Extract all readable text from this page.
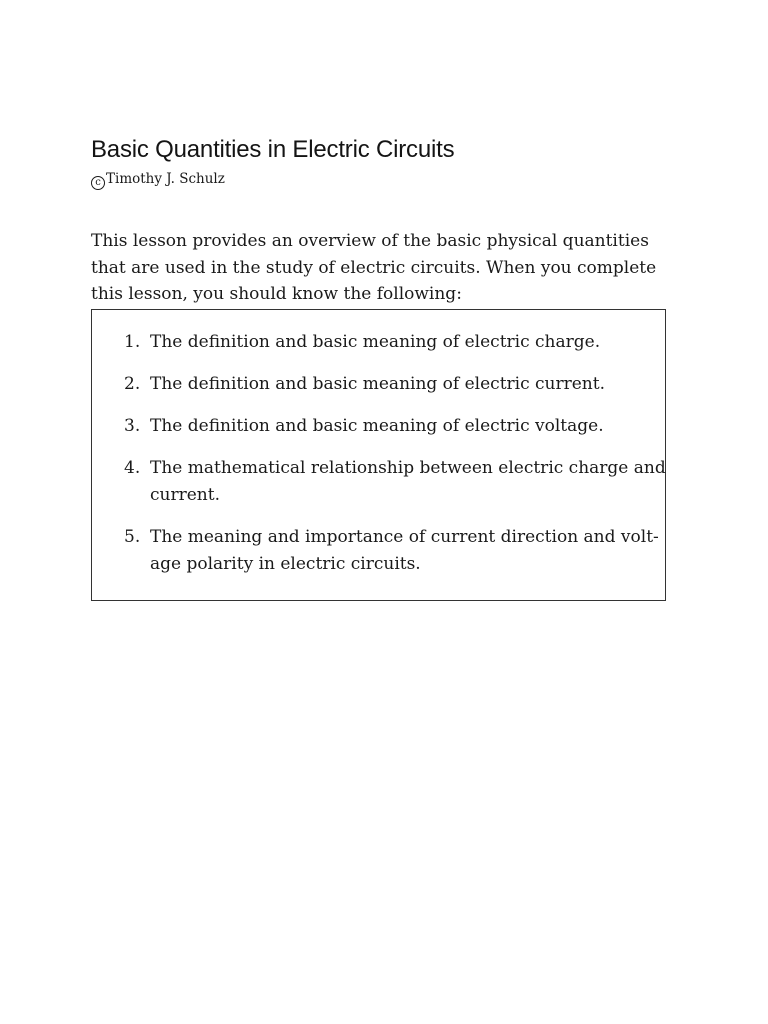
Basic Quantities in Electric Circuits
c Timothy J. Schulz

This lesson provides an overview of the basic physical quantities
that are used in the study of electric circuits. When you complete
this lesson, you should know the following:

1. The definition and basic meaning of electric charge.
2. The definition and basic meaning of electric current.
3. The definition and basic meaning of electric voltage.
4. The mathematical relationship between electric charge and
current.
5. The meaning and importance of current direction and volt-
age polarity in electric circuits.
